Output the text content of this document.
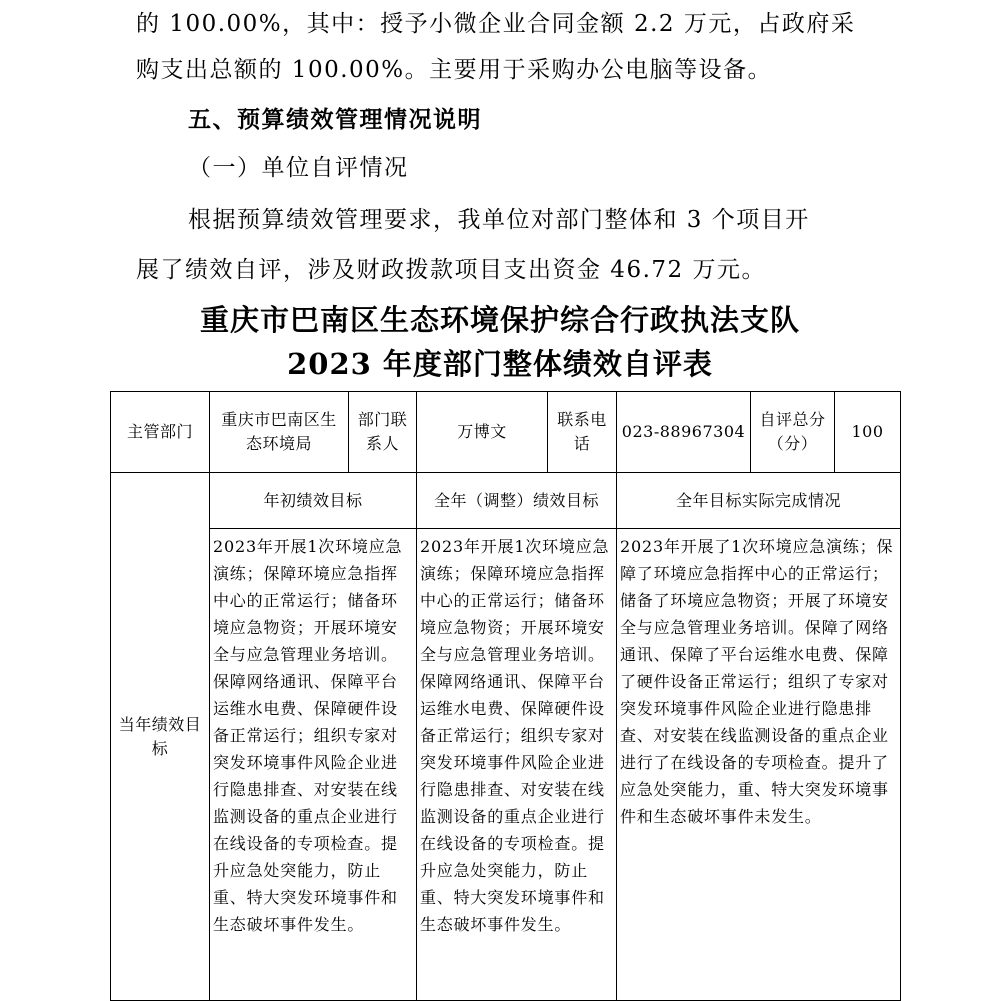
的 100.00%，其中：授予小微企业合同金额 2.2 万元，占政府采
购支出总额的 100.00%。主要用于采购办公电脑等设备。
五、预算绩效管理情况说明
（一）单位自评情况
根据预算绩效管理要求，我单位对部门整体和 3 个项目开
展了绩效自评，涉及财政拨款项目支出资金 46.72 万元。
重庆市巴南区生态环境保护综合行政执法支队
2023 年度部门整体绩效自评表
主管部门	重庆市巴南区生态环境局	部门联系人	万博文	联系电话	023-88967304	自评总分（分）	100
当年绩效目标	年初绩效目标		全年（调整）绩效目标		全年目标实际完成情况		
	2023年开展1次环境应急演练；保障环境应急指挥中心的正常运行；储备环境应急物资；开展环境安全与应急管理业务培训。保障网络通讯、保障平台运维水电费、保障硬件设备正常运行；组织专家对突发环境事件风险企业进行隐患排查、对安装在线监测设备的重点企业进行在线设备的专项检查。提升应急处突能力，防止重、特大突发环境事件和生态破坏事件发生。		2023年开展1次环境应急演练；保障环境应急指挥中心的正常运行；储备环境应急物资；开展环境安全与应急管理业务培训。保障网络通讯、保障平台运维水电费、保障硬件设备正常运行；组织专家对突发环境事件风险企业进行隐患排查、对安装在线监测设备的重点企业进行在线设备的专项检查。提升应急处突能力，防止重、特大突发环境事件和生态破坏事件发生。		2023年开展了1次环境应急演练；保障了环境应急指挥中心的正常运行；储备了环境应急物资；开展了环境安全与应急管理业务培训。保障了网络通讯、保障了平台运维水电费、保障了硬件设备正常运行；组织了专家对突发环境事件风险企业进行隐患排查、对安装在线监测设备的重点企业进行了在线设备的专项检查。提升了应急处突能力，重、特大突发环境事件和生态破坏事件未发生。		
